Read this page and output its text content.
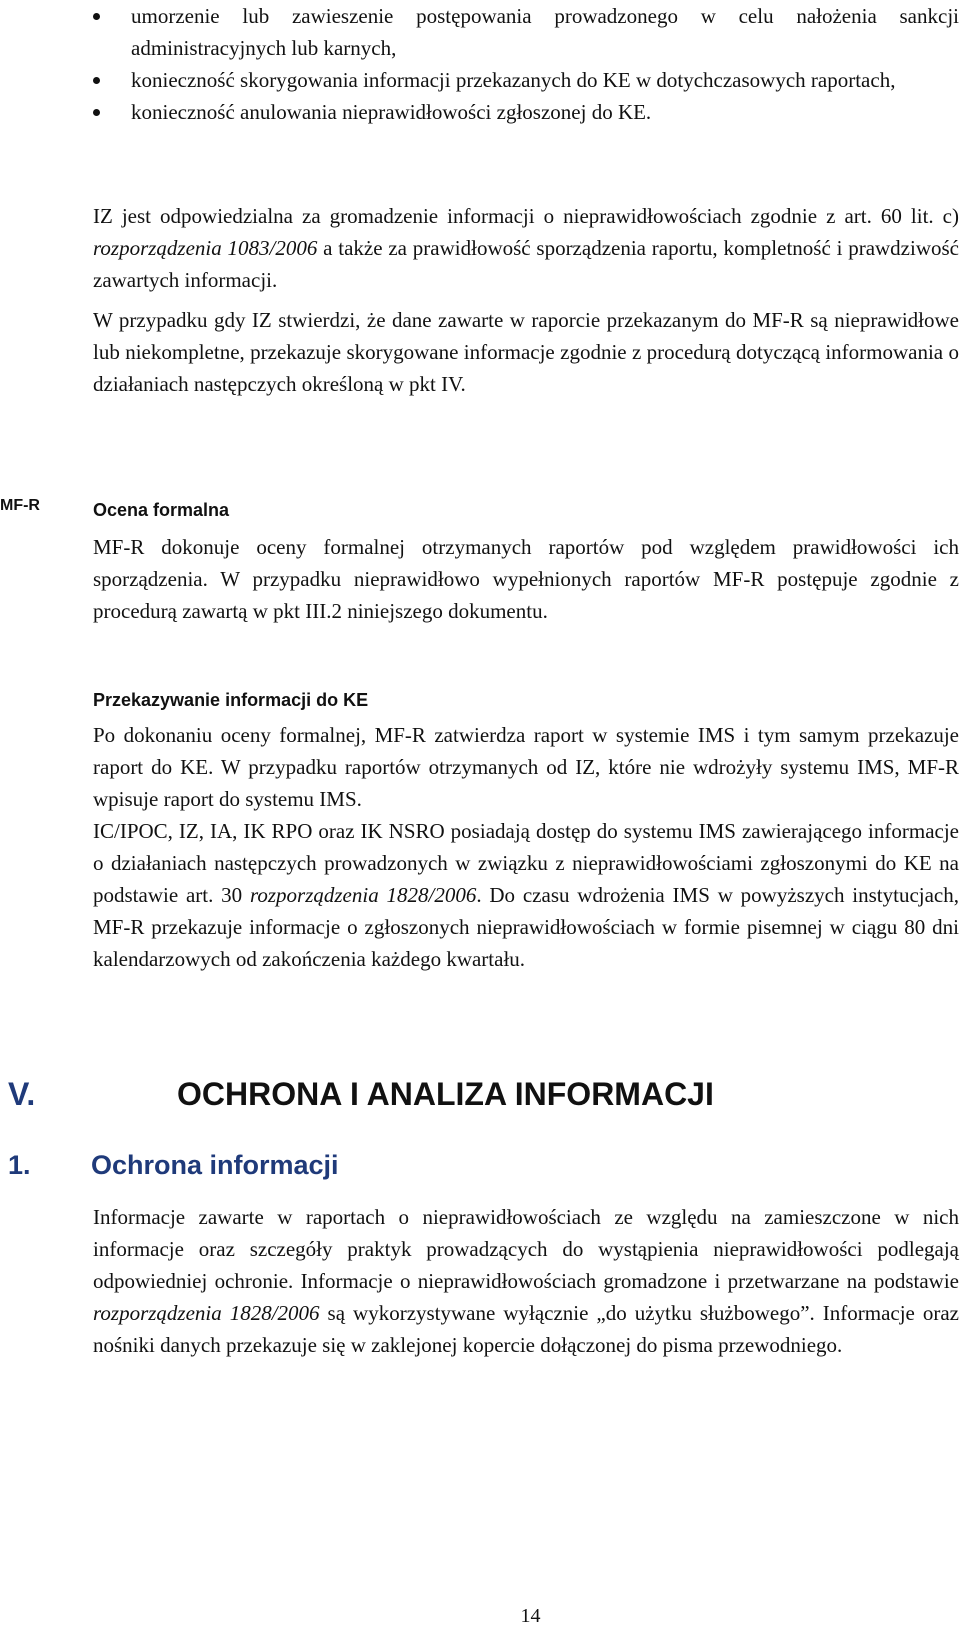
umorzenie lub zawieszenie postępowania prowadzonego w celu nałożenia sankcji administracyjnych lub karnych,
konieczność skorygowania informacji przekazanych do KE w dotychczasowych raportach,
konieczność anulowania nieprawidłowości zgłoszonej do KE.

IZ jest odpowiedzialna za gromadzenie informacji o nieprawidłowościach zgodnie z art. 60 lit. c) rozporządzenia 1083/2006 a także za prawidłowość sporządzenia raportu, kompletność i prawdziwość zawartych informacji.

W przypadku gdy IZ stwierdzi, że dane zawarte w raporcie przekazanym do MF-R są nieprawidłowe lub niekompletne, przekazuje skorygowane informacje zgodnie z procedurą dotyczącą informowania o działaniach następczych określoną w pkt IV.

MF-R	Ocena formalna

MF-R dokonuje oceny formalnej otrzymanych raportów pod względem prawidłowości ich sporządzenia. W przypadku nieprawidłowo wypełnionych raportów MF-R postępuje zgodnie z procedurą zawartą w pkt III.2 niniejszego dokumentu.

Przekazywanie informacji do KE

Po dokonaniu oceny formalnej, MF-R zatwierdza raport w systemie IMS i tym samym przekazuje raport do KE. W przypadku raportów otrzymanych od IZ, które nie wdrożyły systemu IMS, MF-R wpisuje raport do systemu IMS.

IC/IPOC, IZ, IA, IK RPO oraz IK NSRO posiadają dostęp do systemu IMS zawierającego informacje o działaniach następczych prowadzonych w związku z nieprawidłowościami zgłoszonymi do KE na podstawie art. 30 rozporządzenia 1828/2006. Do czasu wdrożenia IMS w powyższych instytucjach, MF-R przekazuje informacje o zgłoszonych nieprawidłowościach w formie pisemnej w ciągu 80 dni kalendarzowych od zakończenia każdego kwartału.

V.	OCHRONA I ANALIZA INFORMACJI
1. Ochrona informacji

Informacje zawarte w raportach o nieprawidłowościach ze względu na zamieszczone w nich informacje oraz szczegóły praktyk prowadzących do wystąpienia nieprawidłowości podlegają odpowiedniej ochronie. Informacje o nieprawidłowościach gromadzone i przetwarzane na podstawie rozporządzenia 1828/2006 są wykorzystywane wyłącznie „do użytku służbowego”. Informacje oraz nośniki danych przekazuje się w zaklejonej kopercie dołączonej do pisma przewodniego.

14
